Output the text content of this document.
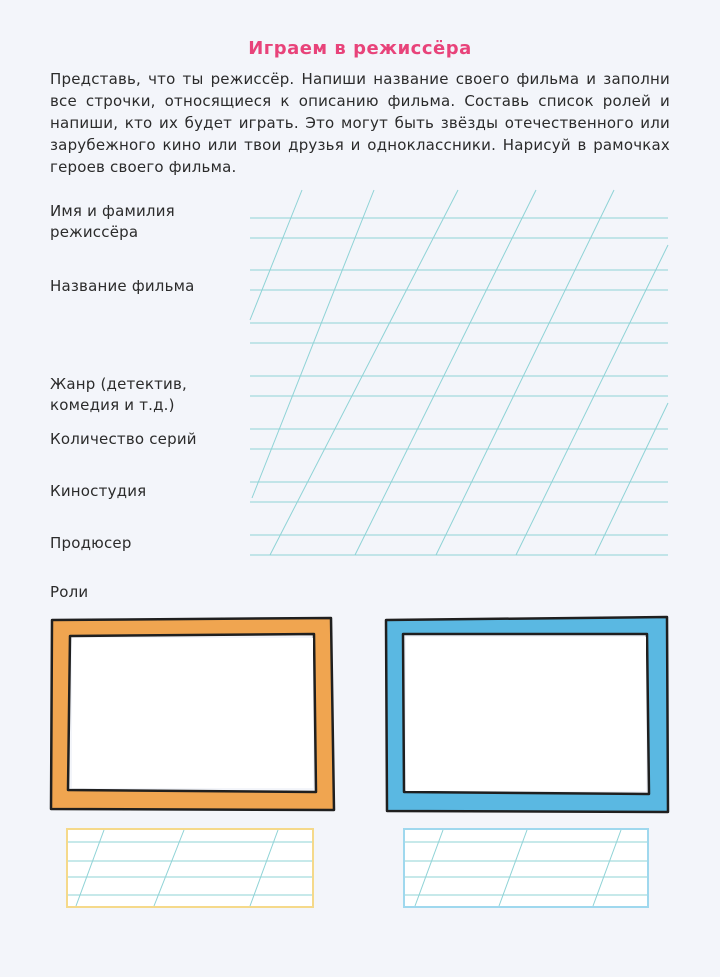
Играем в режиссёра
Представь, что ты режиссёр. Напиши название своего фильма и заполни все строчки, относящиеся к описанию фильма. Составь список ролей и напиши, кто их будет играть. Это могут быть звёзды отечественного или зарубежного кино или твои друзья и одноклассники. Нарисуй в рамочках героев своего фильма.
Имя и фамилия
режиссёра
Название фильма
Жанр (детектив,
комедия и т.д.)
Количество серий
Киностудия
Продюсер
Роли
